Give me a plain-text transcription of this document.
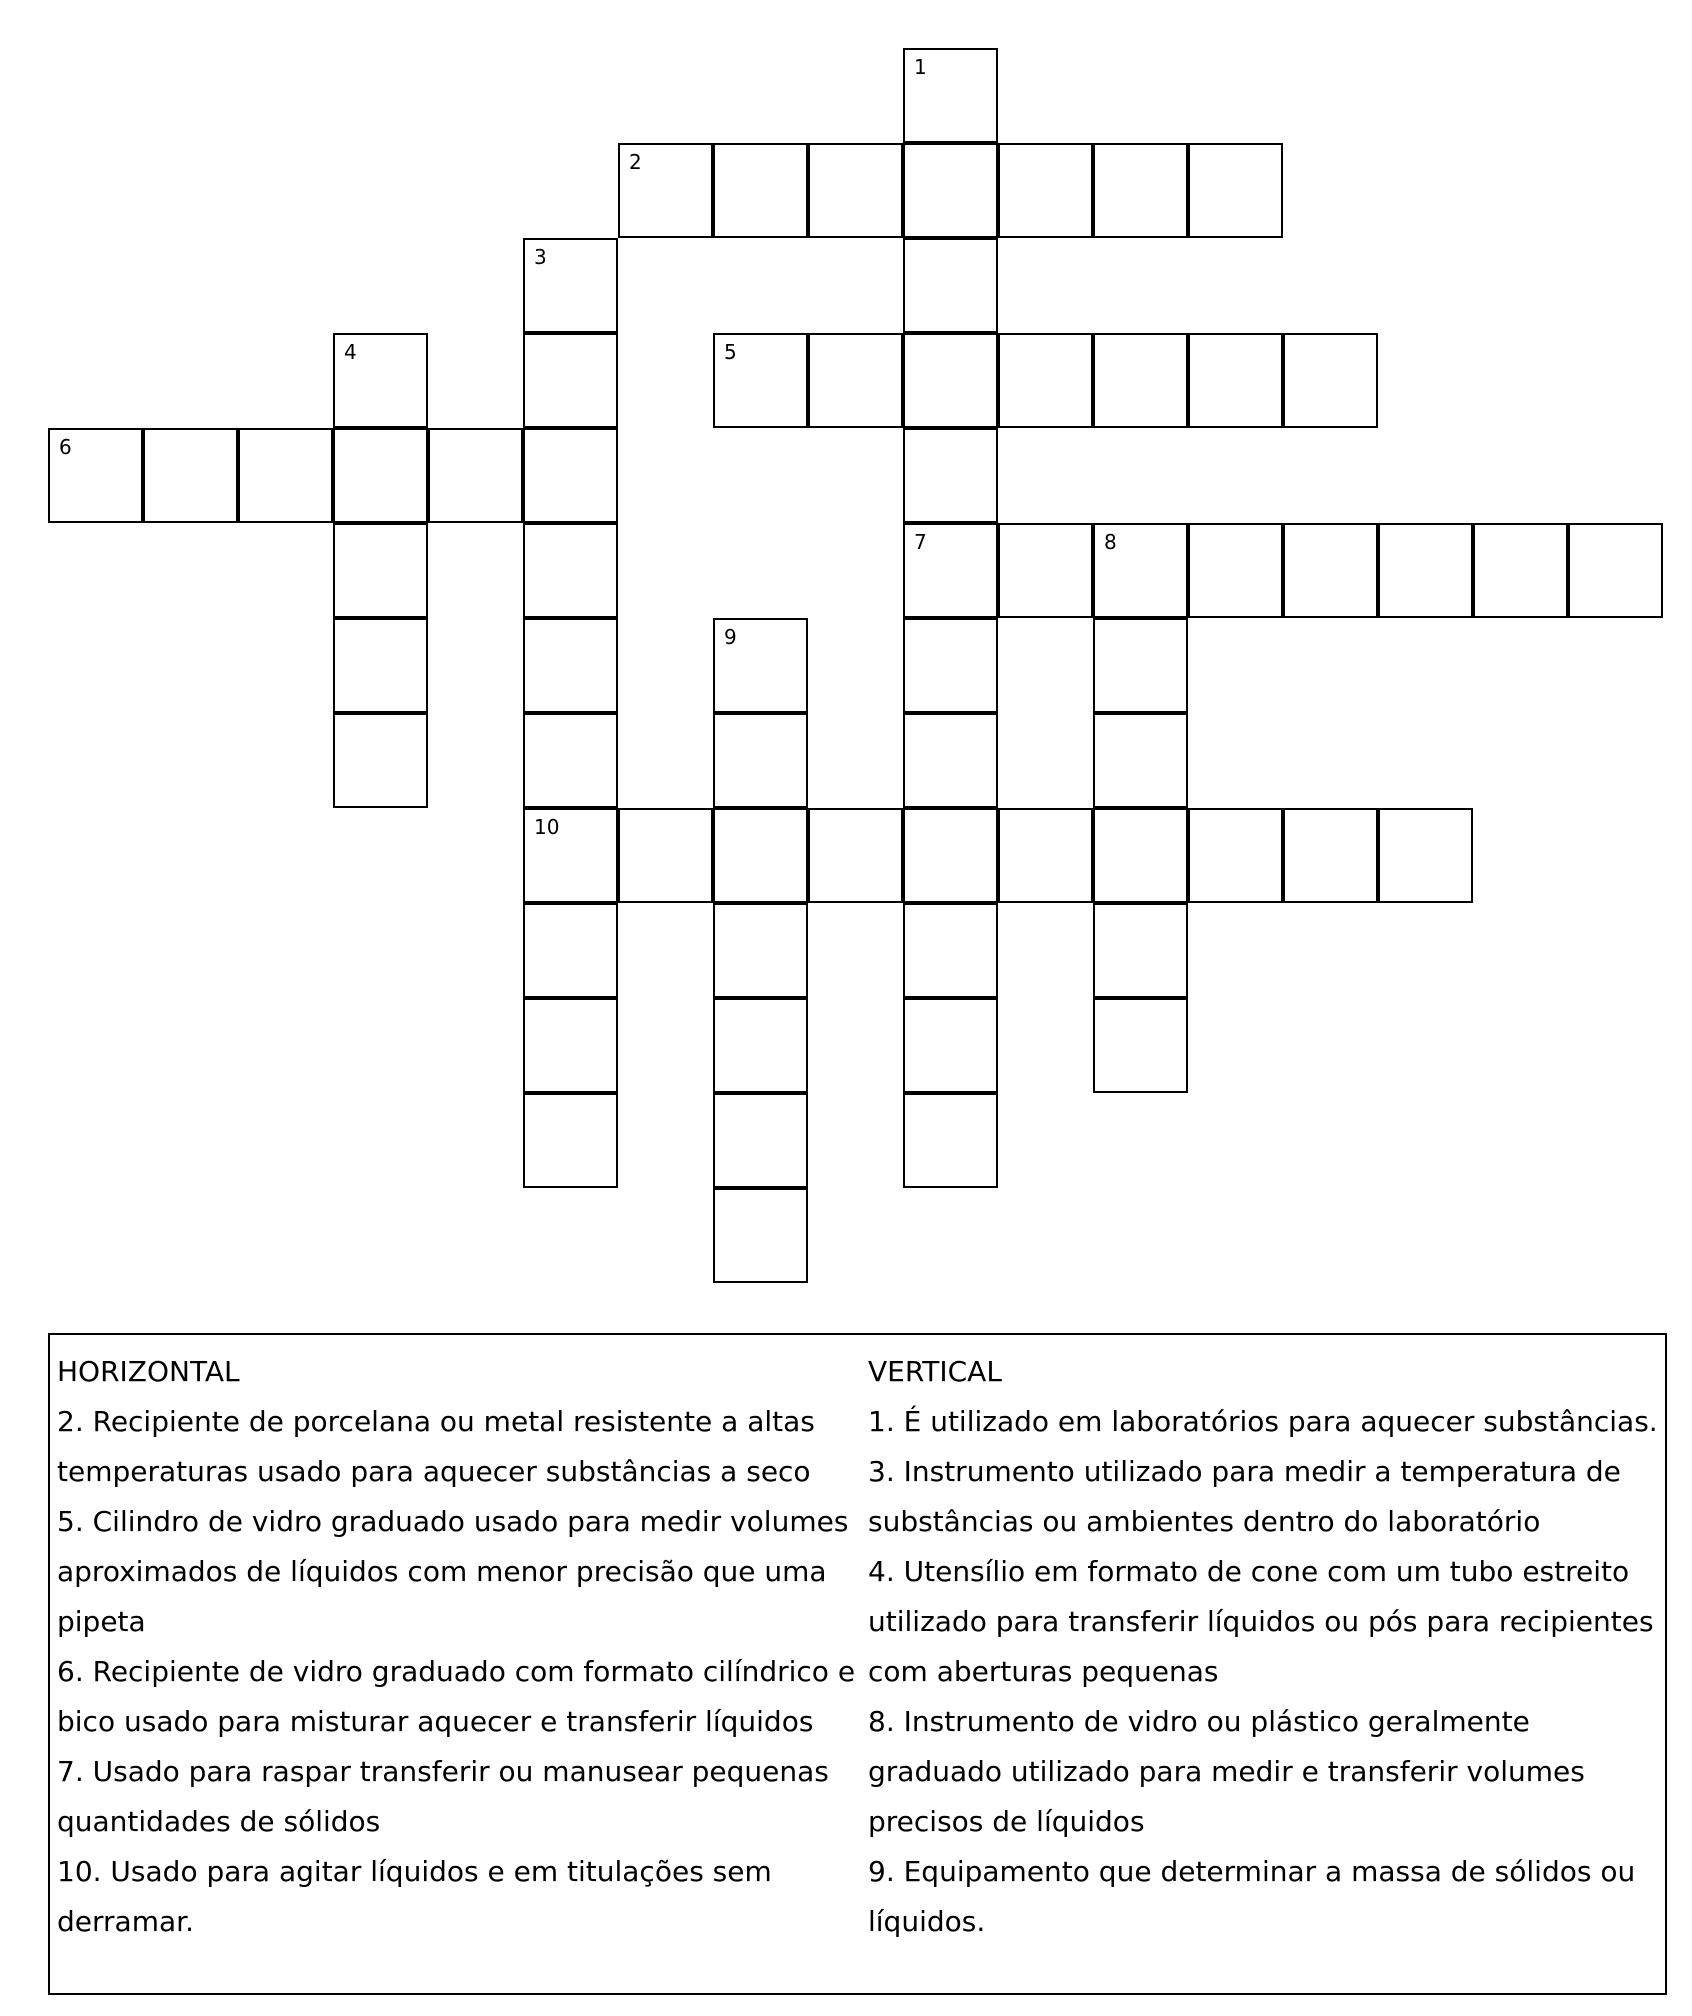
1
7
2
3
10
4	5
6
8
9

HORIZONTAL

2. Recipiente de porcelana ou metal resistente a altas temperaturas usado para aquecer substâncias a seco

5. Cilindro de vidro graduado usado para medir volumes aproximados de líquidos com menor precisão que uma pipeta

6. Recipiente de vidro graduado com formato cilíndrico e bico usado para misturar aquecer e transferir líquidos

7. Usado para raspar transferir ou manusear pequenas quantidades de sólidos

10. Usado para agitar líquidos e em titulações sem derramar.

VERTICAL

1. É utilizado em laboratórios para aquecer substâncias.

3. Instrumento utilizado para medir a temperatura de substâncias ou ambientes dentro do laboratório

4. Utensílio em formato de cone com um tubo estreito utilizado para transferir líquidos ou pós para recipientes com aberturas pequenas

8. Instrumento de vidro ou plástico geralmente graduado utilizado para medir e transferir volumes precisos de líquidos

9. Equipamento que determinar a massa de sólidos ou líquidos.
